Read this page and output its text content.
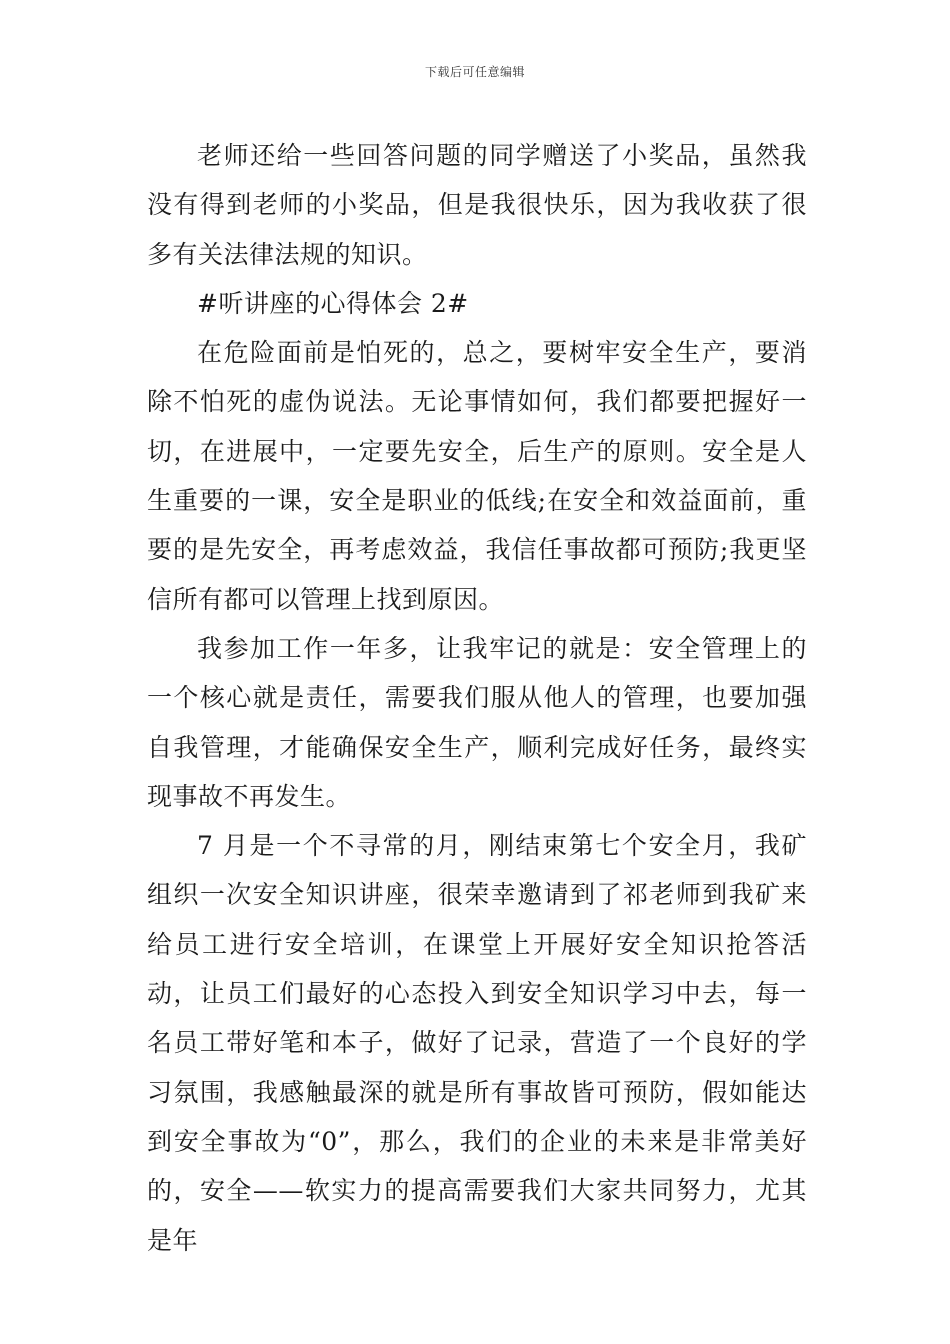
下载后可任意编辑

老师还给一些回答问题的同学赠送了小奖品，虽然我没有得到老师的小奖品，但是我很快乐，因为我收获了很多有关法律法规的知识。

#听讲座的心得体会 2#

在危险面前是怕死的，总之，要树牢安全生产，要消除不怕死的虚伪说法。无论事情如何，我们都要把握好一切，在进展中，一定要先安全，后生产的原则。安全是人生重要的一课，安全是职业的低线;在安全和效益面前，重要的是先安全，再考虑效益，我信任事故都可预防;我更坚信所有都可以管理上找到原因。

我参加工作一年多，让我牢记的就是：安全管理上的一个核心就是责任，需要我们服从他人的管理，也要加强自我管理，才能确保安全生产，顺利完成好任务，最终实现事故不再发生。

7 月是一个不寻常的月，刚结束第七个安全月，我矿组织一次安全知识讲座，很荣幸邀请到了祁老师到我矿来给员工进行安全培训，在课堂上开展好安全知识抢答活动，让员工们最好的心态投入到安全知识学习中去，每一名员工带好笔和本子，做好了记录，营造了一个良好的学习氛围，我感触最深的就是所有事故皆可预防，假如能达到安全事故为“0”，那么，我们的企业的未来是非常美好的，安全——软实力的提高需要我们大家共同努力，尤其是年
